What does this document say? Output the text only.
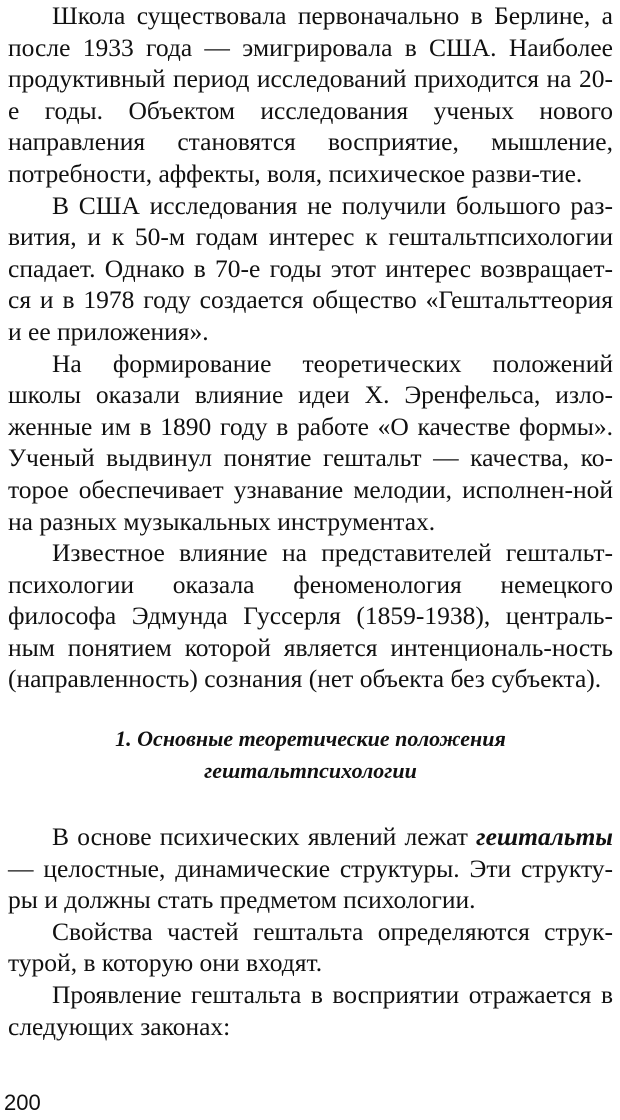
Школа существовала первоначально в Берлине, а после 1933 года — эмигрировала в США. Наиболее продуктивный период исследований приходится на 20-е годы. Объектом исследования ученых нового направления становятся восприятие, мышление, потребности, аффекты, воля, психическое разви-тие.

В США исследования не получили большого раз-вития, и к 50-м годам интерес к гештальтпсихологии спадает. Однако в 70-е годы этот интерес возвращает-ся и в 1978 году создается общество «Гештальттеория и ее приложения».

На формирование теоретических положений школы оказали влияние идеи X. Эренфельса, изло-женные им в 1890 году в работе «О качестве формы». Ученый выдвинул понятие гештальт — качества, ко-торое обеспечивает узнавание мелодии, исполнен-ной на разных музыкальных инструментах.

Известное влияние на представителей гештальт-психологии оказала феноменология немецкого философа Эдмунда Гуссерля (1859-1938), централь-ным понятием которой является интенциональ-ность (направленность) сознания (нет объекта без субъекта).

1. Основные теоретические положения
гештальтпсихологии

В основе психических явлений лежат гештальты — целостные, динамические структуры. Эти структу-ры и должны стать предметом психологии.

Свойства частей гештальта определяются струк-турой, в которую они входят.

Проявление гештальта в восприятии отражается в следующих законах:

200
